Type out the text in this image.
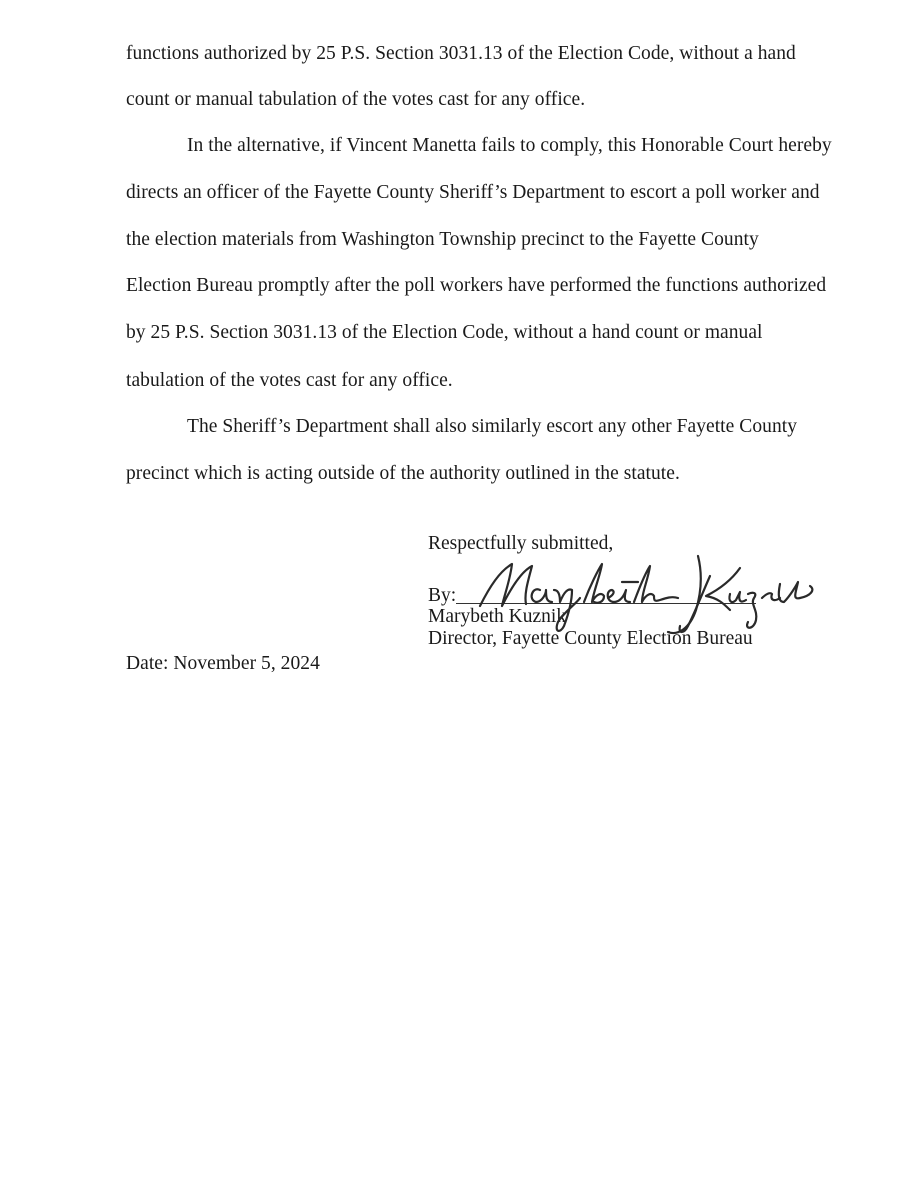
functions authorized by 25 P.S. Section 3031.13 of the Election Code, without a hand
count or manual tabulation of the votes cast for any office.
In the alternative, if Vincent Manetta fails to comply, this Honorable Court hereby
directs an officer of the Fayette County Sheriff’s Department to escort a poll worker and
the election materials from Washington Township precinct to the Fayette County
Election Bureau promptly after the poll workers have performed the functions authorized
by 25 P.S. Section 3031.13 of the Election Code, without a hand count or manual
tabulation of the votes cast for any office.
The Sheriff’s Department shall also similarly escort any other Fayette County
precinct which is acting outside of the authority outlined in the statute.
Respectfully submitted,
By:
Marybeth Kuznik
Director, Fayette County Election Bureau
Date: November 5, 2024
